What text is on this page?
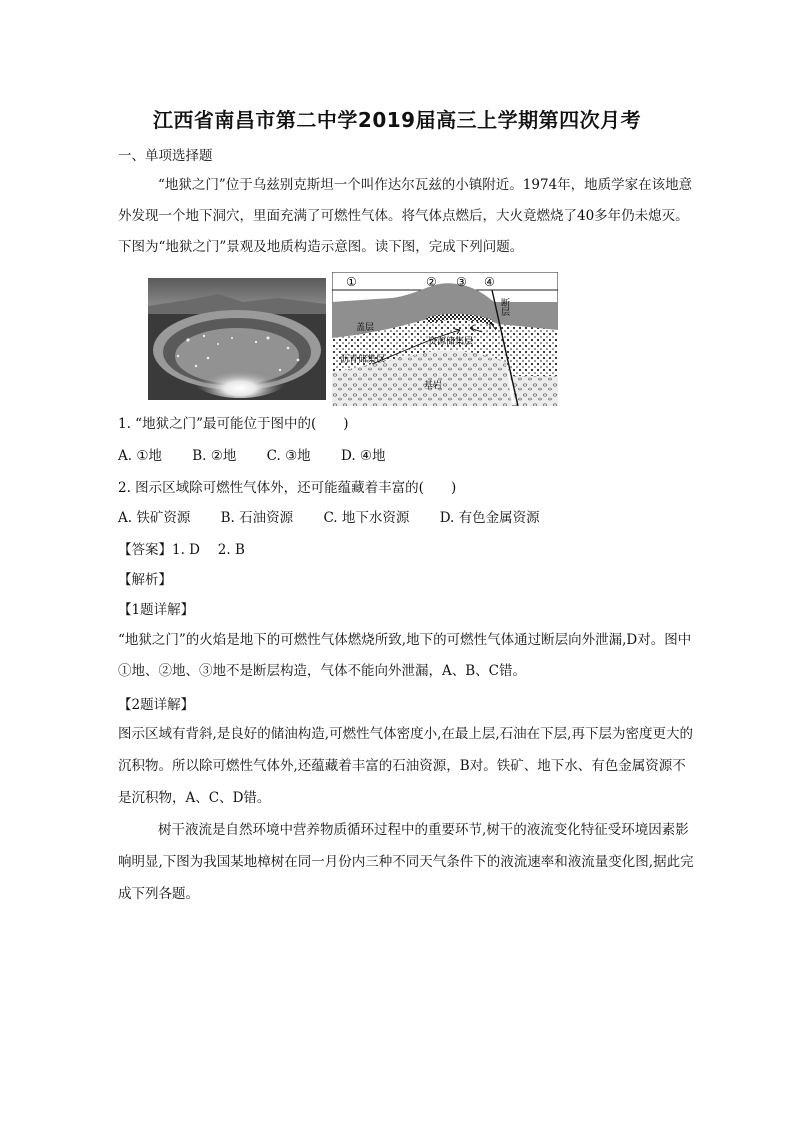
江西省南昌市第二中学2019届高三上学期第四次月考
一、单项选择题
“地狱之门”位于乌兹别克斯坦一个叫作达尔瓦兹的小镇附近。1974年，地质学家在该地意外发现一个地下洞穴，里面充满了可燃性气体。将气体点燃后，大火竟燃烧了40多年仍未熄灭。下图为“地狱之门”景观及地质构造示意图。读下图，完成下列问题。
①	② ③ ④
断层
盖层
沥青储集层
资源储集层
基岩
1. “地狱之门”最可能位于图中的(　　)
A. ①地 B. ②地 C. ③地 D. ④地
2. 图示区域除可燃性气体外，还可能蕴藏着丰富的(　　)
A. 铁矿资源 B. 石油资源 C. 地下水资源 D. 有色金属资源
【答案】1. D　 2. B
【解析】
【1题详解】
“地狱之门”的火焰是地下的可燃性气体燃烧所致,地下的可燃性气体通过断层向外泄漏,D对。图中①地、②地、③地不是断层构造，气体不能向外泄漏，A、B、C错。
【2题详解】
图示区域有背斜,是良好的储油构造,可燃性气体密度小,在最上层,石油在下层,再下层为密度更大的沉积物。所以除可燃性气体外,还蕴藏着丰富的石油资源，B对。铁矿、地下水、有色金属资源不是沉积物，A、C、D错。
树干液流是自然环境中营养物质循环过程中的重要环节,树干的液流变化特征受环境因素影响明显,下图为我国某地樟树在同一月份内三种不同天气条件下的液流速率和液流量变化图,据此完成下列各题。
